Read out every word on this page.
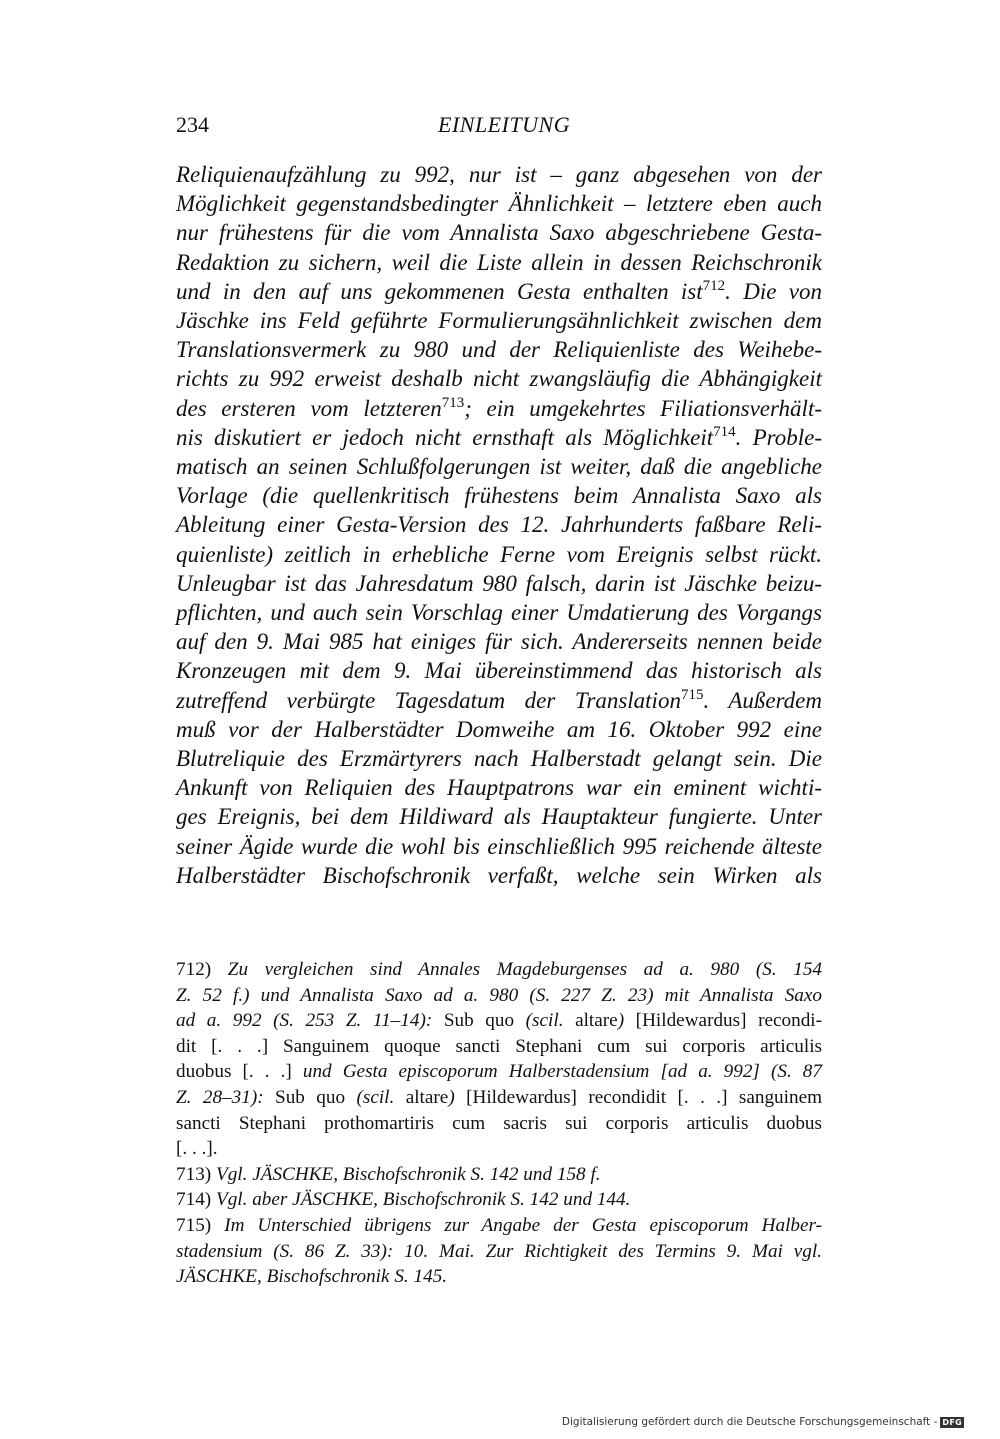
234	EINLEITUNG
Reliquienaufzählung zu 992, nur ist – ganz abgesehen von der
Möglichkeit gegenstandsbedingter Ähnlichkeit – letztere eben auch
nur frühestens für die vom Annalista Saxo abgeschriebene Gesta-
Redaktion zu sichern, weil die Liste allein in dessen Reichschronik
und in den auf uns gekommenen Gesta enthalten ist$^{712}$. Die von
Jäschke ins Feld geführte Formulierungsähnlichkeit zwischen dem
Translationsvermerk zu 980 und der Reliquienliste des Weihebe-
richts zu 992 erweist deshalb nicht zwangsläufig die Abhängigkeit
des ersteren vom letzteren$^{713}$; ein umgekehrtes Filiationsverhält-
nis diskutiert er jedoch nicht ernsthaft als Möglichkeit$^{714}$. Proble-
matisch an seinen Schlußfolgerungen ist weiter, daß die angebliche
Vorlage (die quellenkritisch frühestens beim Annalista Saxo als
Ableitung einer Gesta-Version des 12. Jahrhunderts faßbare Reli-
quienliste) zeitlich in erhebliche Ferne vom Ereignis selbst rückt.
Unleugbar ist das Jahresdatum 980 falsch, darin ist Jäschke beizu-
pflichten, und auch sein Vorschlag einer Umdatierung des Vorgangs
auf den 9. Mai 985 hat einiges für sich. Andererseits nennen beide
Kronzeugen mit dem 9. Mai übereinstimmend das historisch als
zutreffend verbürgte Tagesdatum der Translation$^{715}$. Außerdem
muß vor der Halberstädter Domweihe am 16. Oktober 992 eine
Blutreliquie des Erzmärtyrers nach Halberstadt gelangt sein. Die
Ankunft von Reliquien des Hauptpatrons war ein eminent wichti-
ges Ereignis, bei dem Hildiward als Hauptakteur fungierte. Unter
seiner Ägide wurde die wohl bis einschließlich 995 reichende älteste
Halberstädter Bischofschronik verfaßt, welche sein Wirken als
712) Zu vergleichen sind Annales Magdeburgenses ad a. 980 (S. 154
Z. 52 f.) und Annalista Saxo ad a. 980 (S. 227 Z. 23) mit Annalista Saxo
ad a. 992 (S. 253 Z. 11–14): Sub quo (scil. altare) [Hildewardus] recondi-
dit [. . .] Sanguinem quoque sancti Stephani cum sui corporis articulis
duobus [. . .] und Gesta episcoporum Halberstadensium [ad a. 992] (S. 87
Z. 28–31): Sub quo (scil. altare) [Hildewardus] recondidit [. . .] sanguinem
sancti Stephani prothomartiris cum sacris sui corporis articulis duobus
[. . .].
713) Vgl. JÄSCHKE, Bischofschronik S. 142 und 158 f.
714) Vgl. aber JÄSCHKE, Bischofschronik S. 142 und 144.
715) Im Unterschied übrigens zur Angabe der Gesta episcoporum Halber-
stadensium (S. 86 Z. 33): 10. Mai. Zur Richtigkeit des Termins 9. Mai vgl.
JÄSCHKE, Bischofschronik S. 145.
Digitalisierung gefördert durch die Deutsche Forschungsgemeinschaft - DFG
